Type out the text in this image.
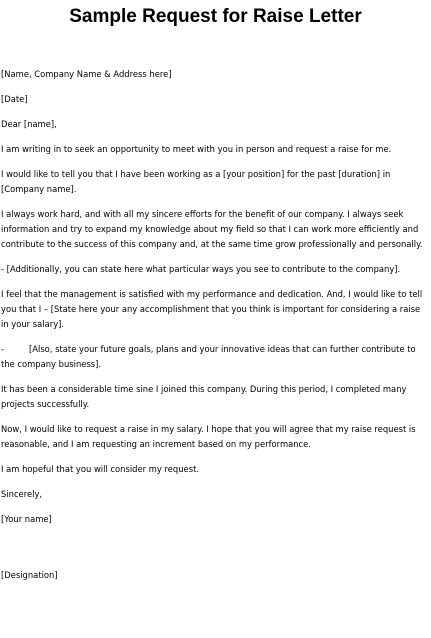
Sample Request for Raise Letter

[Name, Company Name & Address here]

[Date]

Dear [name],

I am writing in to seek an opportunity to meet with you in person and request a raise for me.

I would like to tell you that I have been working as a [your position] for the past [duration] in [Company name].

I always work hard, and with all my sincere efforts for the benefit of our company. I always seek information and try to expand my knowledge about my field so that I can work more efficiently and contribute to the success of this company and, at the same time grow professionally and personally.

- [Additionally, you can state here what particular ways you see to contribute to the company].

I feel that the management is satisfied with my performance and dedication. And, I would like to tell you that I – [State here your any accomplishment that you think is important for considering a raise in your salary].

-	[Also, state your future goals, plans and your innovative ideas that can further contribute to the company business].

It has been a considerable time sine I joined this company. During this period, I completed many projects successfully.

Now, I would like to request a raise in my salary. I hope that you will agree that my raise request is reasonable, and I am requesting an increment based on my performance.

I am hopeful that you will consider my request.

Sincerely,

[Your name]

[Designation]
